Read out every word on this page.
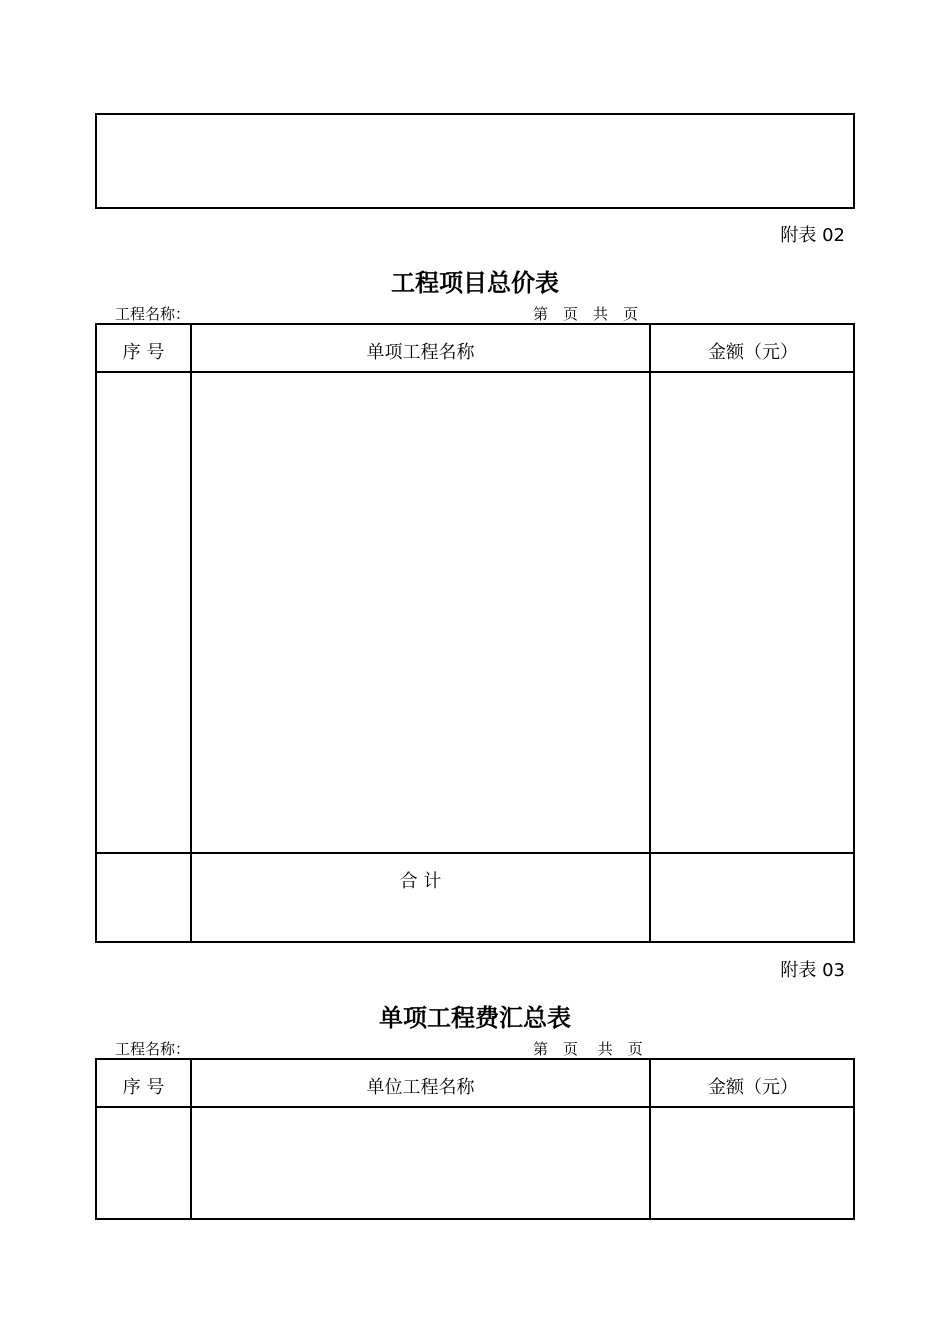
附表 02
工程项目总价表
工程名称：	第　页　共　页
序 号	单项工程名称	金额（元）
合 计
附表 03
单项工程费汇总表
工程名称：	第　页　 共　页
序 号	单位工程名称	金额（元）
